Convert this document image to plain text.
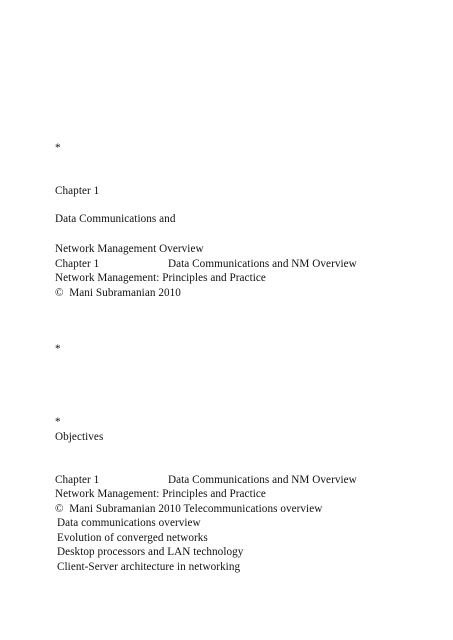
*
Chapter 1
Data Communications and
Network Management Overview

Chapter 1

	Data Communications and NM Overview

Network Management: Principles and Practice
©  Mani Subramanian 2010
*
*
Objectives

Chapter 1

	Data Communications and NM Overview

Network Management: Principles and Practice
©  Mani Subramanian 2010 Telecommunications overview
Data communications overview
Evolution of converged networks
Desktop processors and LAN technology
Client-Server architecture in networking
